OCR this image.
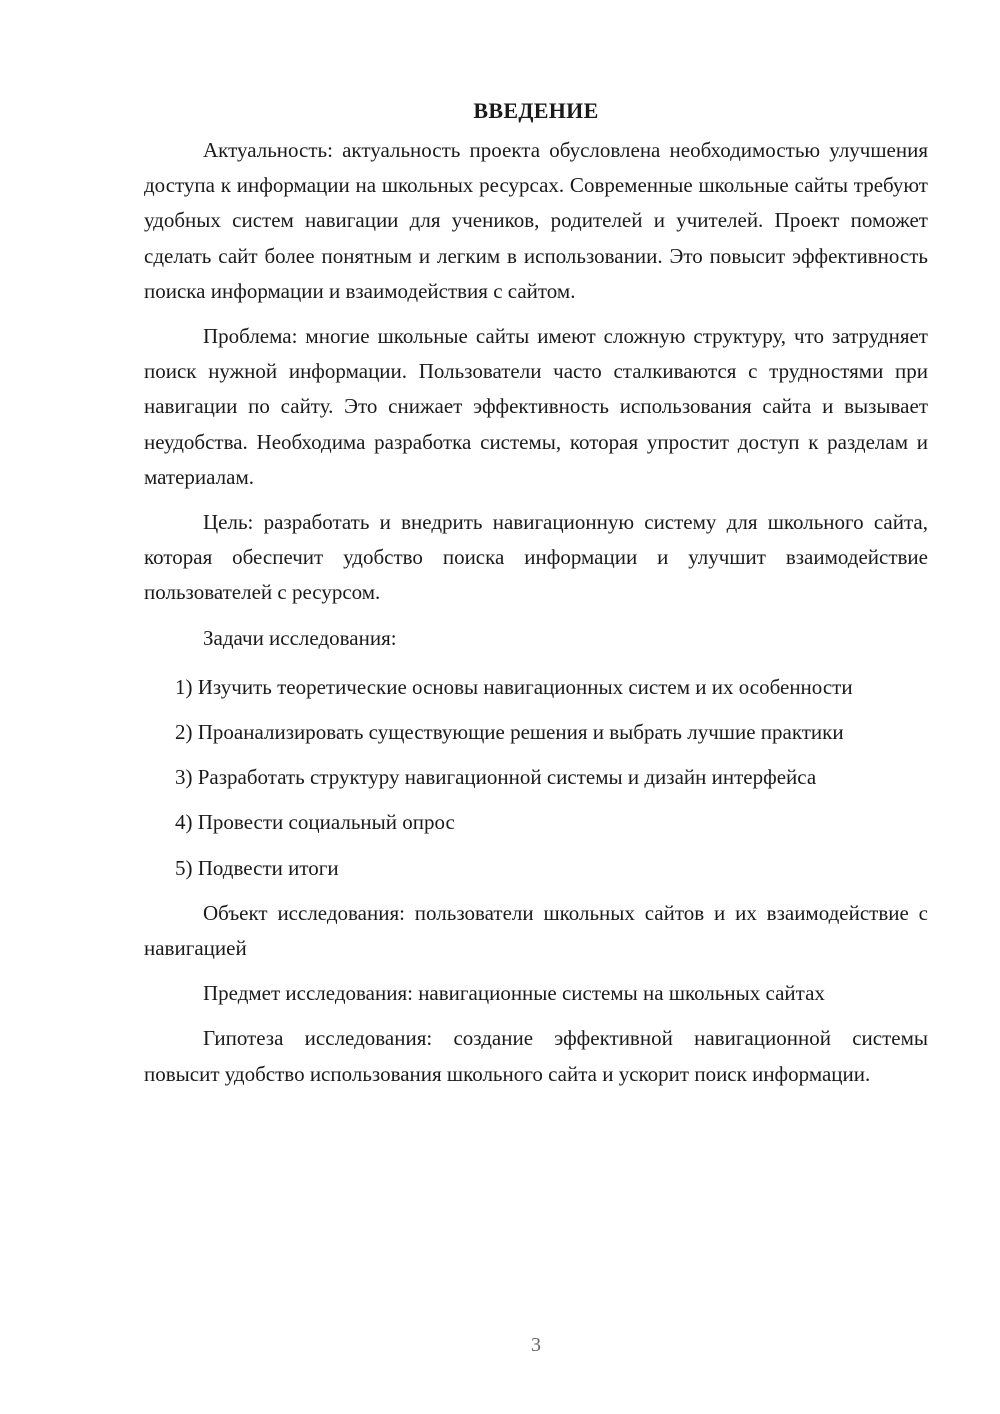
ВВЕДЕНИЕ

Актуальность: актуальность проекта обусловлена необходимостью улучшения доступа к информации на школьных ресурсах. Современные школьные сайты требуют удобных систем навигации для учеников, родителей и учителей. Проект поможет сделать сайт более понятным и легким в использовании. Это повысит эффективность поиска информации и взаимодействия с сайтом.

Проблема: многие школьные сайты имеют сложную структуру, что затрудняет поиск нужной информации. Пользователи часто сталкиваются с трудностями при навигации по сайту. Это снижает эффективность использования сайта и вызывает неудобства. Необходима разработка системы, которая упростит доступ к разделам и материалам.

Цель: разработать и внедрить навигационную систему для школьного сайта, которая обеспечит удобство поиска информации и улучшит взаимодействие пользователей с ресурсом.

Задачи исследования:

1) Изучить теоретические основы навигационных систем и их особенности

2) Проанализировать существующие решения и выбрать лучшие практики

3) Разработать структуру навигационной системы и дизайн интерфейса

4) Провести социальный опрос

5) Подвести итоги

Объект исследования: пользователи школьных сайтов и их взаимодействие с навигацией

Предмет исследования: навигационные системы на школьных сайтах

Гипотеза исследования: создание эффективной навигационной системы повысит удобство использования школьного сайта и ускорит поиск информации.

3
